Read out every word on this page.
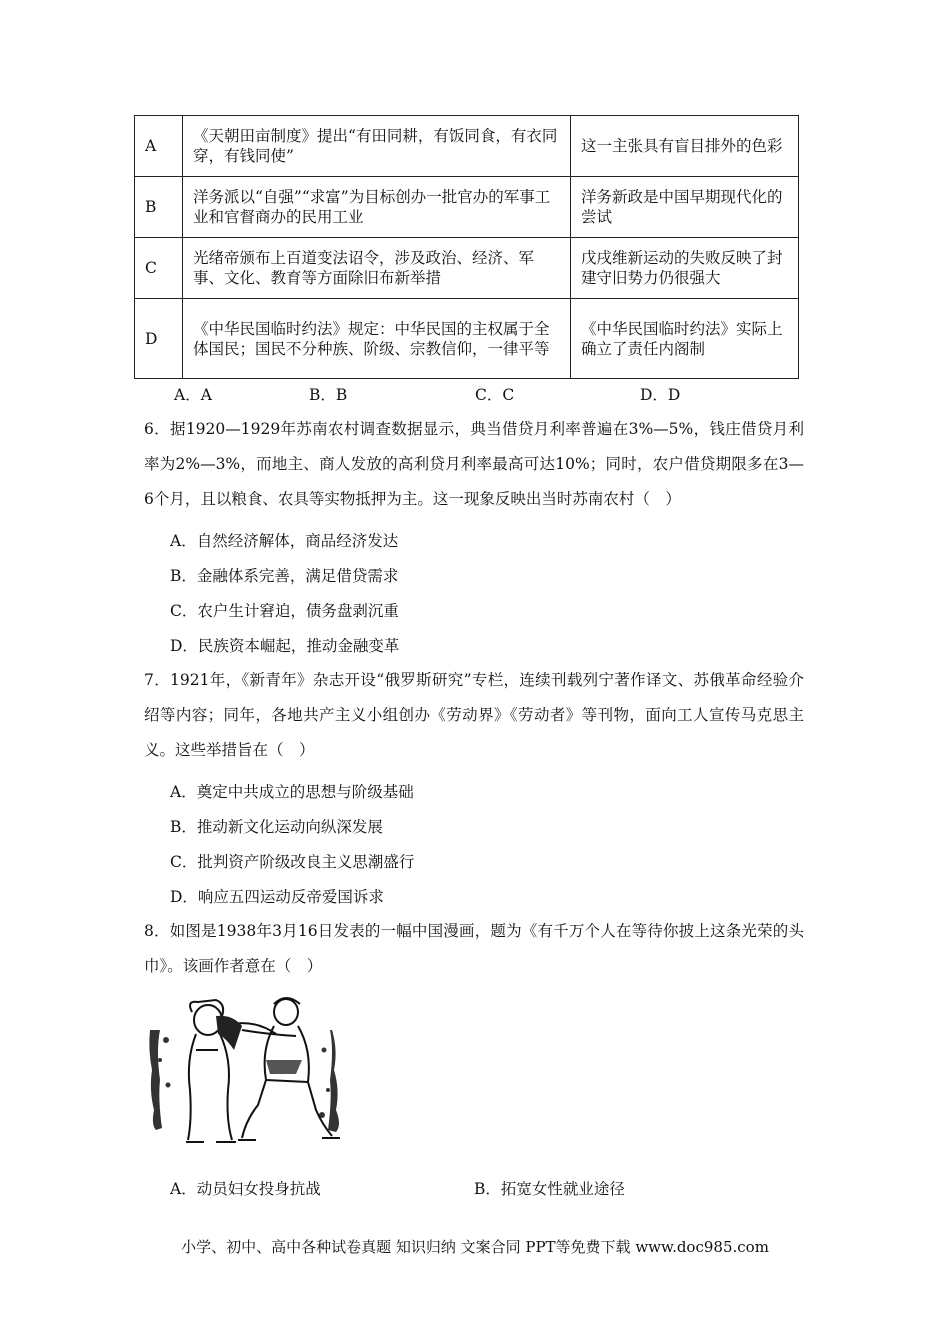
A	《天朝田亩制度》提出“有田同耕，有饭同食，有衣同穿，有钱同使”	这一主张具有盲目排外的色彩
B	洋务派以“自强”“求富”为目标创办一批官办的军事工业和官督商办的民用工业	洋务新政是中国早期现代化的尝试
C	光绪帝颁布上百道变法诏令，涉及政治、经济、军事、文化、教育等方面除旧布新举措	戊戌维新运动的失败反映了封建守旧势力仍很强大
D	《中华民国临时约法》规定：中华民国的主权属于全体国民；国民不分种族、阶级、宗教信仰，一律平等	《中华民国临时约法》实际上确立了责任内阁制
A．A	B．B	C．C	D．D
6．据1920—1929年苏南农村调查数据显示，典当借贷月利率普遍在3%—5%，钱庄借贷月利率为2%—3%，而地主、商人发放的高利贷月利率最高可达10%；同时，农户借贷期限多在3—6个月，且以粮食、农具等实物抵押为主。这一现象反映出当时苏南农村（　）
A．自然经济解体，商品经济发达
B．金融体系完善，满足借贷需求
C．农户生计窘迫，债务盘剥沉重
D．民族资本崛起，推动金融变革
7．1921年，《新青年》杂志开设“俄罗斯研究”专栏，连续刊载列宁著作译文、苏俄革命经验介绍等内容；同年，各地共产主义小组创办《劳动界》《劳动者》等刊物，面向工人宣传马克思主义。这些举措旨在（　）
A．奠定中共成立的思想与阶级基础
B．推动新文化运动向纵深发展
C．批判资产阶级改良主义思潮盛行
D．响应五四运动反帝爱国诉求
8．如图是1938年3月16日发表的一幅中国漫画，题为《有千万个人在等待你披上这条光荣的头巾》。该画作者意在（　）
A．动员妇女投身抗战	B．拓宽女性就业途径
小学、初中、高中各种试卷真题 知识归纳 文案合同 PPT等免费下载 www.doc985.com
